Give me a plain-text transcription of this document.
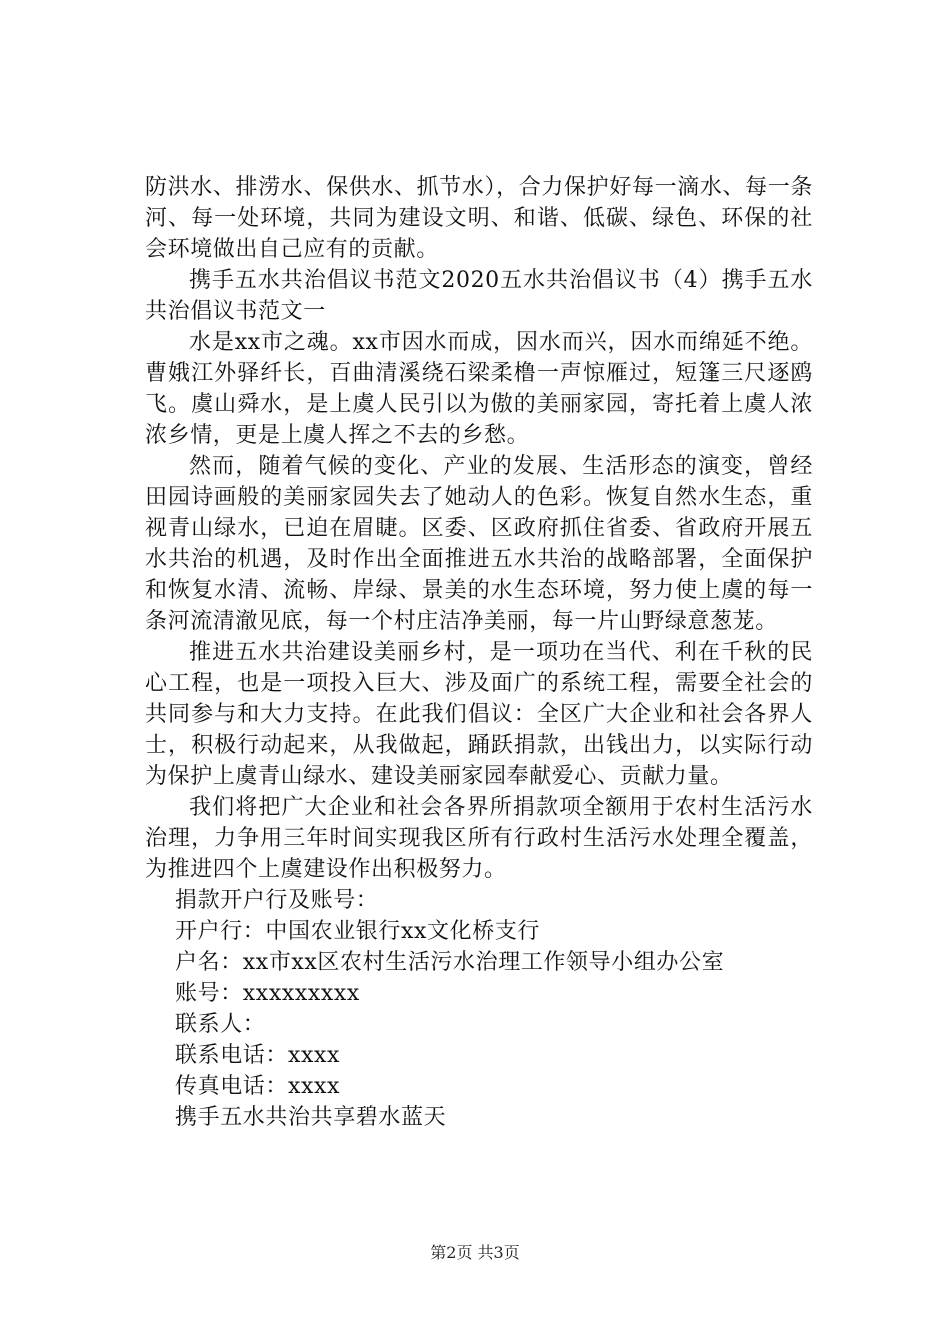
防洪水、排涝水、保供水、抓节水），合力保护好每一滴水、每一条河、每一处环境，共同为建设文明、和谐、低碳、绿色、环保的社会环境做出自己应有的贡献。

携手五水共治倡议书范文2020五水共治倡议书（4）携手五水共治倡议书范文一

水是xx市之魂。xx市因水而成，因水而兴，因水而绵延不绝。曹娥江外驿纤长，百曲清溪绕石梁柔橹一声惊雁过，短篷三尺逐鸥飞。虞山舜水，是上虞人民引以为傲的美丽家园，寄托着上虞人浓浓乡情，更是上虞人挥之不去的乡愁。

然而，随着气候的变化、产业的发展、生活形态的演变，曾经田园诗画般的美丽家园失去了她动人的色彩。恢复自然水生态，重视青山绿水，已迫在眉睫。区委、区政府抓住省委、省政府开展五水共治的机遇，及时作出全面推进五水共治的战略部署，全面保护和恢复水清、流畅、岸绿、景美的水生态环境，努力使上虞的每一条河流清澈见底，每一个村庄洁净美丽，每一片山野绿意葱茏。

推进五水共治建设美丽乡村，是一项功在当代、利在千秋的民心工程，也是一项投入巨大、涉及面广的系统工程，需要全社会的共同参与和大力支持。在此我们倡议：全区广大企业和社会各界人士，积极行动起来，从我做起，踊跃捐款，出钱出力，以实际行动为保护上虞青山绿水、建设美丽家园奉献爱心、贡献力量。

我们将把广大企业和社会各界所捐款项全额用于农村生活污水治理，力争用三年时间实现我区所有行政村生活污水处理全覆盖，为推进四个上虞建设作出积极努力。

捐款开户行及账号：

开户行：中国农业银行xx文化桥支行

户名：xx市xx区农村生活污水治理工作领导小组办公室

账号：xxxxxxxxx

联系人：

联系电话：xxxx

传真电话：xxxx

携手五水共治共享碧水蓝天

第2页 共3页
